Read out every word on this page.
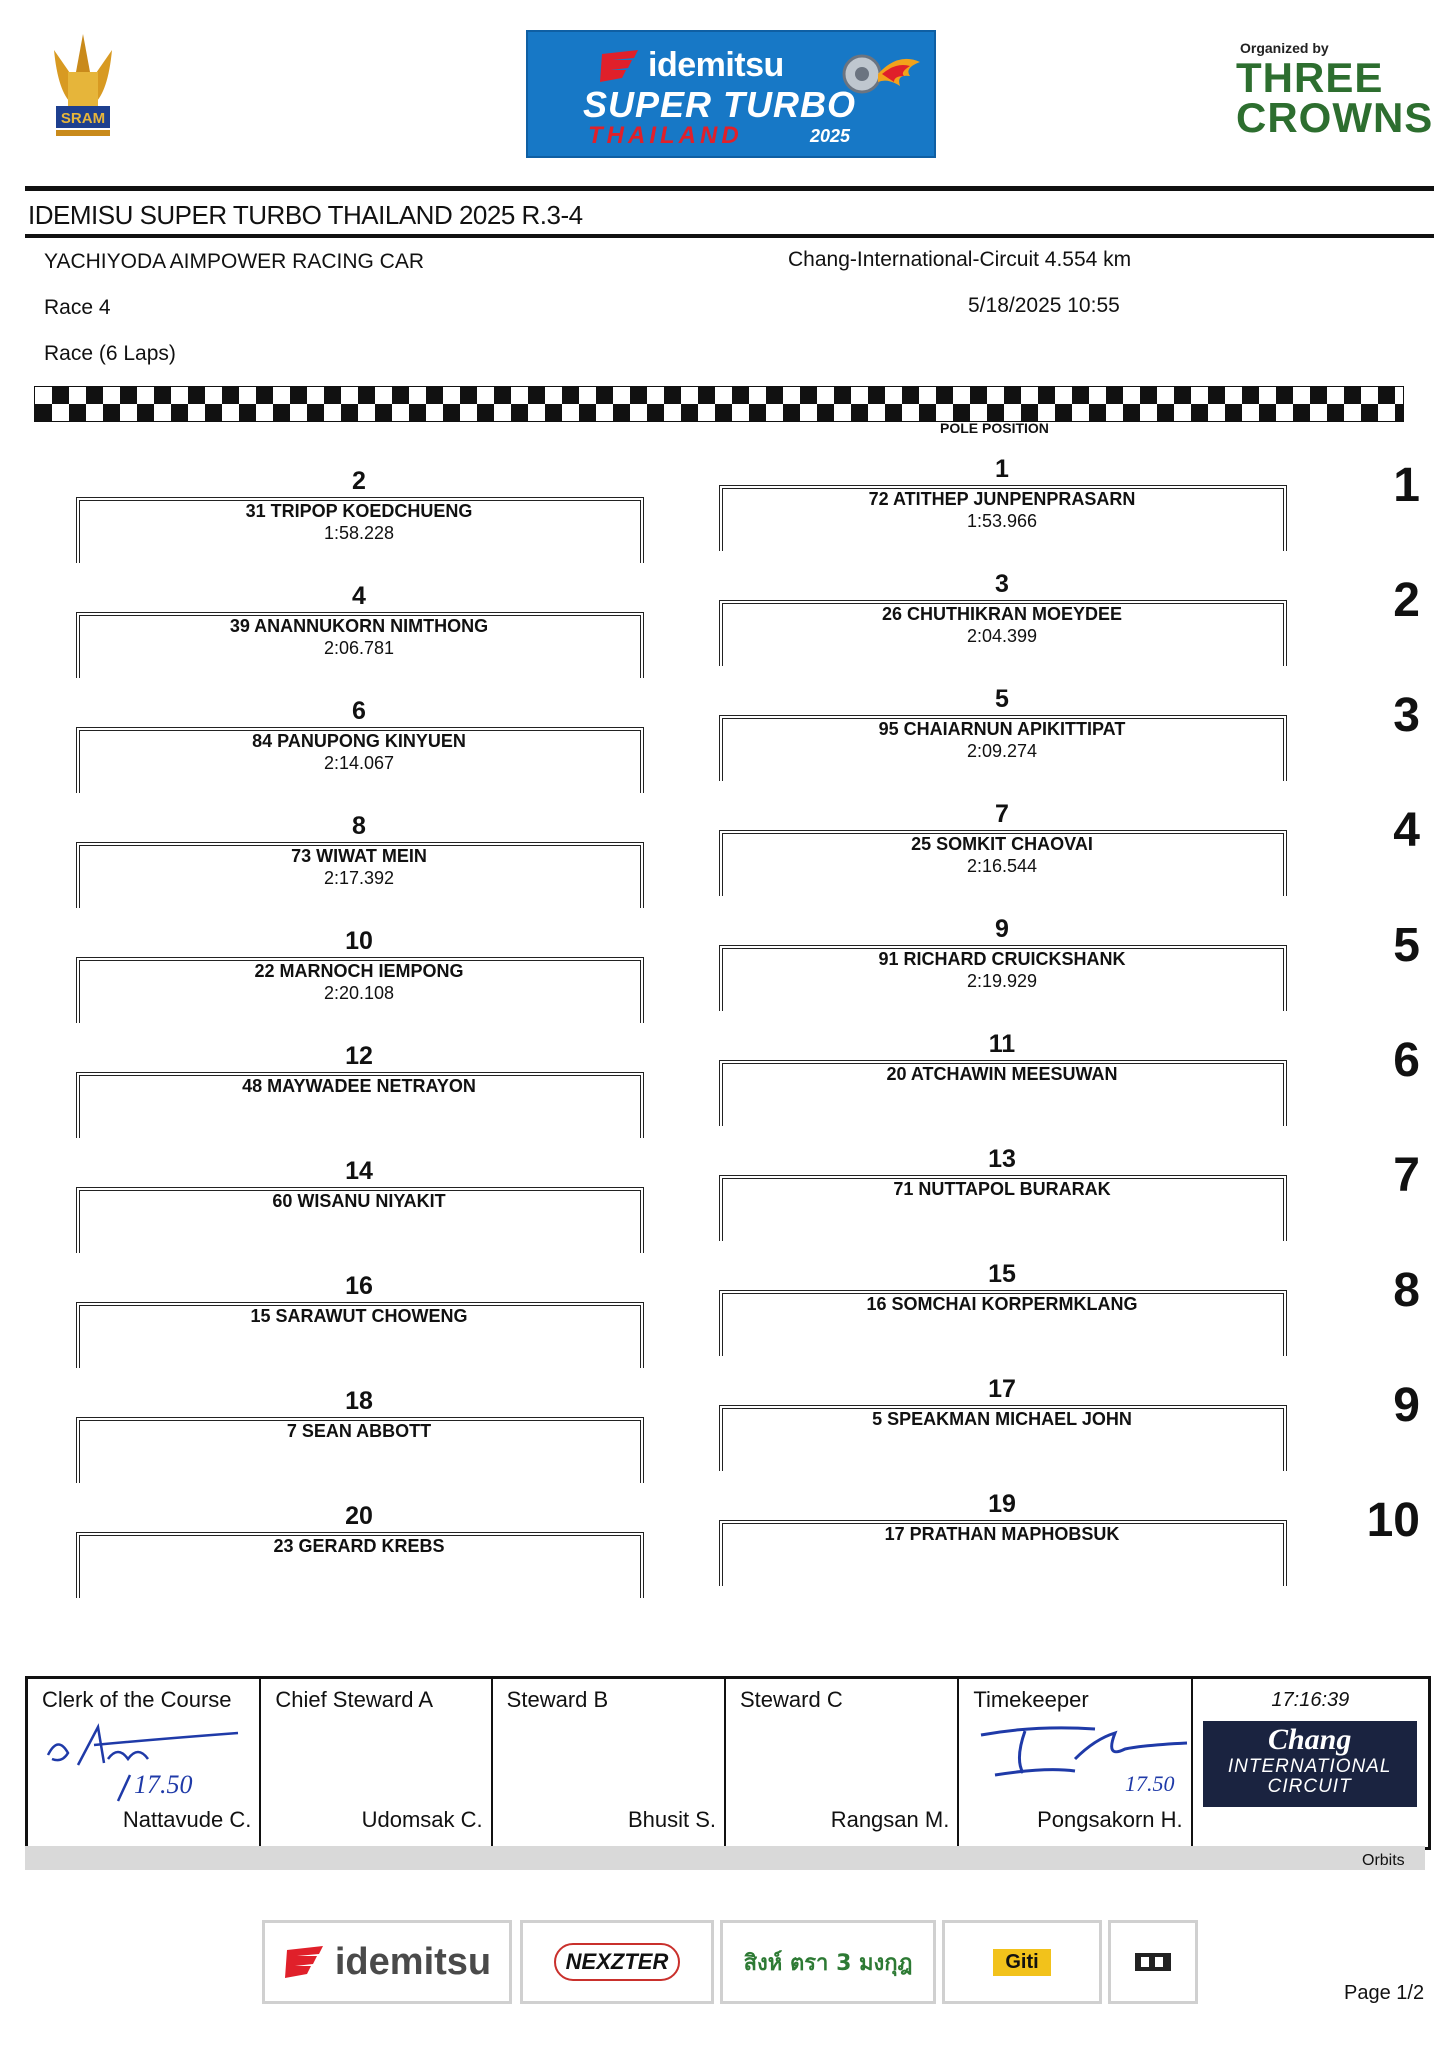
SRAM
idemitsu
SUPER TURBO
THAILAND	2025
Organized by
THREE
CROWNS
IDEMISU SUPER TURBO THAILAND 2025 R.3-4
YACHIYODA AIMPOWER RACING CAR	Chang-International-Circuit 4.554 km
Race 4	5/18/2025 10:55
Race (6 Laps)
POLE POSITION
2
31 TRIPOP KOEDCHUENG
1:58.228
1
72 ATITHEP JUNPENPRASARN
1:53.966
1
4
39 ANANNUKORN NIMTHONG
2:06.781
3
26 CHUTHIKRAN MOEYDEE
2:04.399
2
6
84 PANUPONG KINYUEN
2:14.067
5
95 CHAIARNUN APIKITTIPAT
2:09.274
3
8
73 WIWAT MEIN
2:17.392
7
25 SOMKIT CHAOVAI
2:16.544
4
10
22 MARNOCH IEMPONG
2:20.108
9
91 RICHARD CRUICKSHANK
2:19.929
5
12
48 MAYWADEE NETRAYON
11
20 ATCHAWIN MEESUWAN	6
14
60 WISANU NIYAKIT
13
71 NUTTAPOL BURARAK	7
16
15 SARAWUT CHOWENG
15
16 SOMCHAI KORPERMKLANG	8
18
7 SEAN ABBOTT
17
5 SPEAKMAN MICHAEL JOHN	9
20
23 GERARD KREBS
19
17 PRATHAN MAPHOBSUK	10
Clerk of the Course
17.50
Nattavude C.
Chief Steward A
Udomsak C.
Steward B
Bhusit S.
Steward C
Rangsan M.
Timekeeper
17.50
Pongsakorn H.
17:16:39
Chang
INTERNATIONAL
CIRCUIT
Orbits
idemitsu	NEXZTER	สิงห์ ตรา 3 มงกุฎ	Giti
Page 1/2
